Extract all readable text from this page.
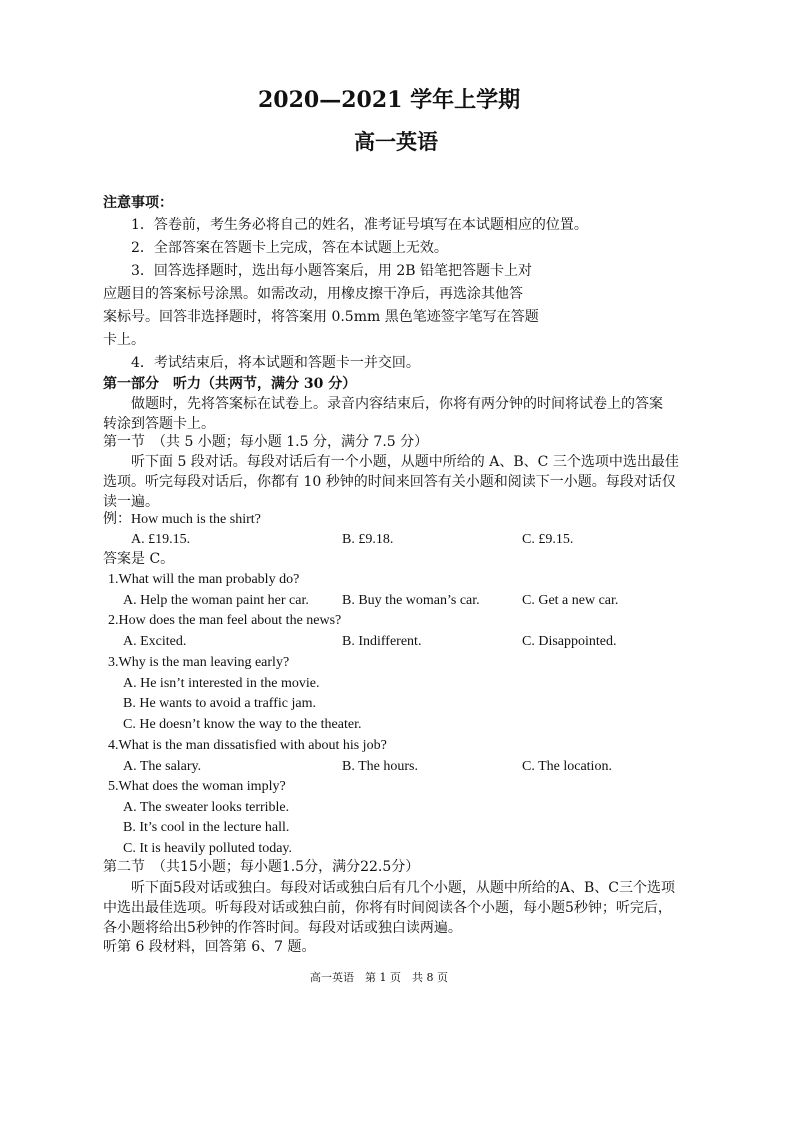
2020—2021 学年上学期
高一英语
注意事项：
1．答卷前，考生务必将自己的姓名，准考证号填写在本试题相应的位置。
2．全部答案在答题卡上完成，答在本试题上无效。
3．回答选择题时，选出每小题答案后，用 2B 铅笔把答题卡上对
应题目的答案标号涂黑。如需改动，用橡皮擦干净后，再选涂其他答
案标号。回答非选择题时，将答案用 0.5mm 黑色笔迹签字笔写在答题
卡上。
4．考试结束后，将本试题和答题卡一并交回。
第一部分　听力（共两节，满分 30 分）
做题时，先将答案标在试卷上。录音内容结束后，你将有两分钟的时间将试卷上的答案
转涂到答题卡上。
第一节　（共 5 小题；每小题 1.5 分，满分 7.5 分）
听下面 5 段对话。每段对话后有一个小题，从题中所给的 A、B、C 三个选项中选出最佳
选项。听完每段对话后，你都有 10 秒钟的时间来回答有关小题和阅读下一小题。每段对话仅
读一遍。
例：How much is the shirt?
A. £19.15.	B. £9.18.	C. £9.15.
答案是 C。
1.What will the man probably do?
A. Help the woman paint her car. B. Buy the woman’s car.	C. Get a new car.
2.How does the man feel about the news?
A. Excited.	B. Indifferent.	C. Disappointed.
3.Why is the man leaving early?
A. He isn’t interested in the movie.
B. He wants to avoid a traffic jam.
C. He doesn’t know the way to the theater.
4.What is the man dissatisfied with about his job?
A. The salary.	B. The hours.	C. The location.
5.What does the woman imply?
A. The sweater looks terrible.
B. It’s cool in the lecture hall.
C. It is heavily polluted today.
第二节　（共15小题；每小题1.5分，满分22.5分）
听下面5段对话或独白。每段对话或独白后有几个小题，从题中所给的A、B、C三个选项
中选出最佳选项。听每段对话或独白前，你将有时间阅读各个小题，每小题5秒钟；听完后，
各小题将给出5秒钟的作答时间。每段对话或独白读两遍。
听第 6 段材料，回答第 6、7 题。
高一英语　第 1 页　共 8 页
